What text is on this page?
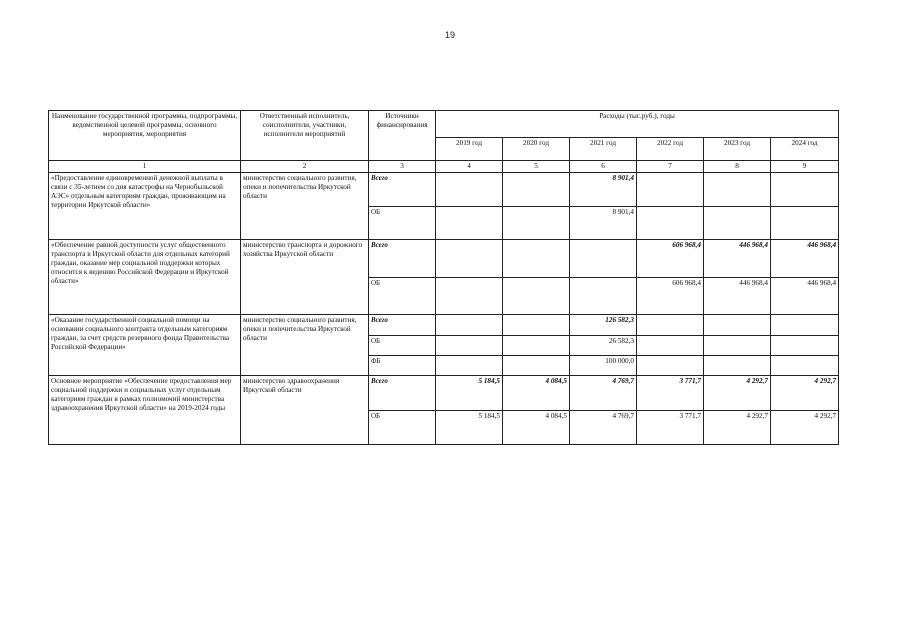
19
Наименование государственной программы, подпрограммы, ведомственной целевой программы, основного мероприятия, мероприятия	Ответственный исполнитель, соисполнители, участники, исполнители мероприятий	Источники финансирования	Расходы (тыс.руб.), годы					
			2019 год	2020 год	2021 год	2022 год	2023 год	2024 год
1	2	3	4	5	6	7	8	9
«Предоставление единовременной денежной выплаты в связи с 35-летием со дня катастрофы на Чернобыльской АЭС» отдельным категориям граждан, проживающим на территории Иркутской области»	министерство социального развития, опеки и попечительства Иркутской области	Всего			8 901,4			
		ОБ			8 901,4			
«Обеспечение равной доступности услуг общественного транспорта в Иркутской области для отдельных категорий граждан, оказание мер социальной поддержки которых относится к ведению Российской Федерации и Иркутской области»	министерство транспорта и дорожного хозяйства Иркутской области	Всего				606 968,4	446 968,4	446 968,4
		ОБ				606 968,4	446 968,4	446 968,4
«Оказание государственной социальной помощи на основании социального контракта отдельным категориям граждан, за счет средств резервного фонда Правительства Российской Федерации»	министерство социального развития, опеки и попечительства Иркутской области	Всего			126 582,3			
		ОБ			26 582,3			
		ФБ			100 000,0			
Основное мероприятие «Обеспечение предоставления мер социальной поддержки и социальных услуг отдельным категориям граждан в рамках полномочий министерства здравоохранения Иркутской области» на 2019-2024 годы	министерство здравоохранения Иркутской области	Всего	5 184,5	4 084,5	4 769,7	3 771,7	4 292,7	4 292,7
		ОБ	5 184,5	4 084,5	4 769,7	3 771,7	4 292,7	4 292,7
